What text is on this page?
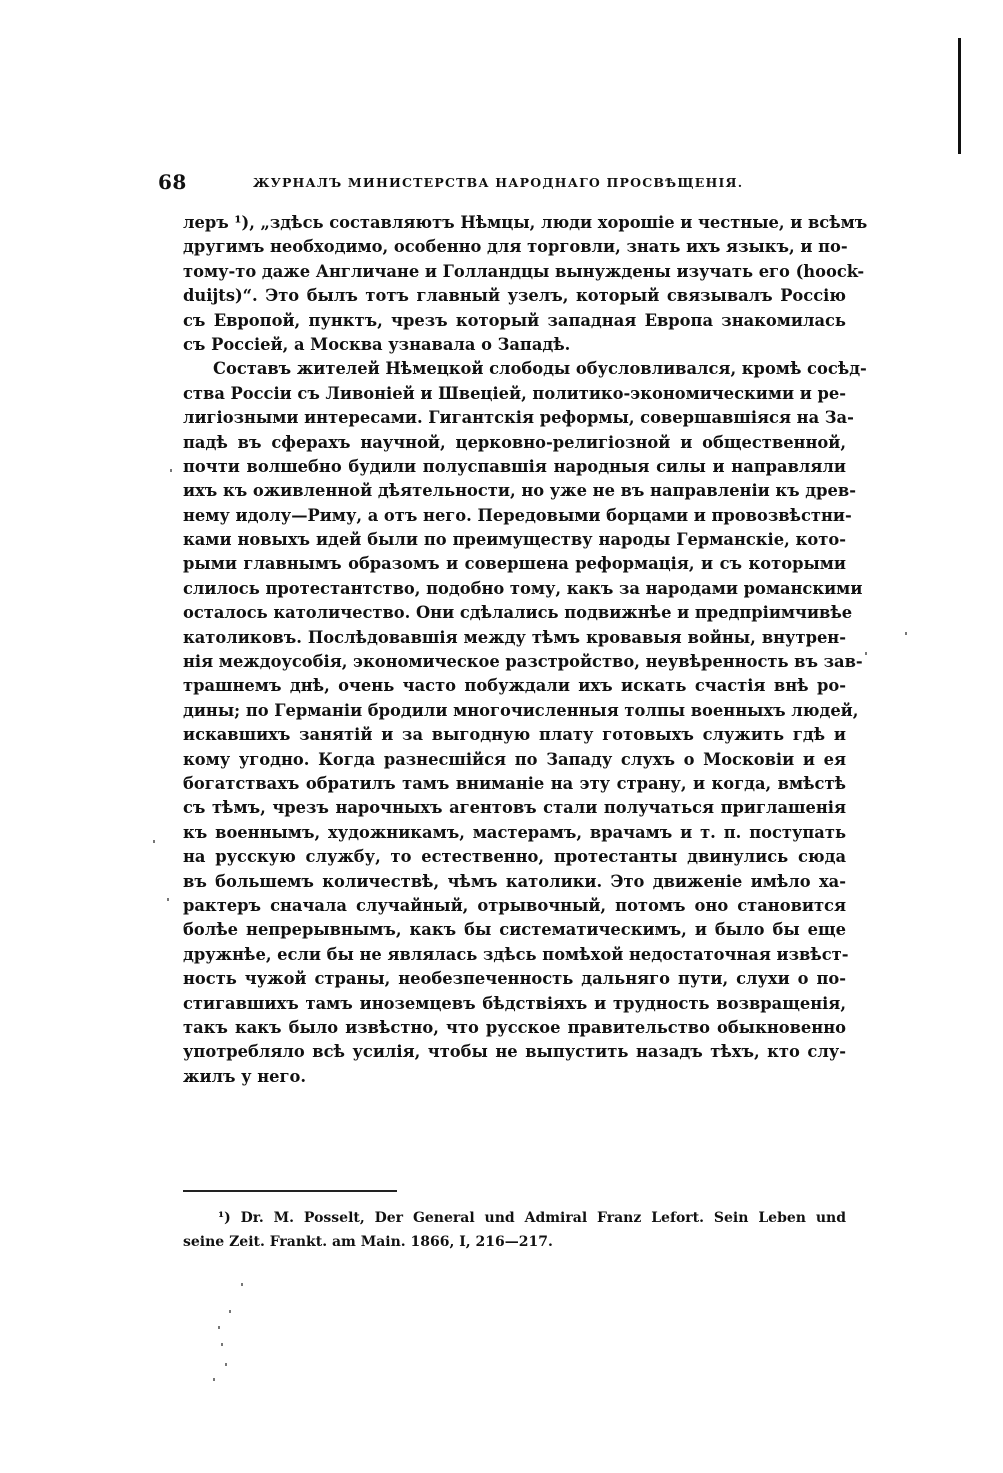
68	ЖУРНАЛЪ МИНИСТЕРСТВА НАРОДНАГО ПРОСВѢЩЕНІЯ.
леръ ¹), „здѣсь составляютъ Нѣмцы, люди хорошіе и честные, и всѣмъ
другимъ необходимо, особенно для торговли, знать ихъ языкъ, и по-
тому-то даже Англичане и Голландцы вынуждены изучать его (hoock-
duijts)“. Это былъ тотъ главный узелъ, который связывалъ Россію
съ Европой, пунктъ, чрезъ который западная Европа знакомилась
съ Россіей, а Москва узнавала о Западѣ.
Составъ жителей Нѣмецкой слободы обусловливался, кромѣ сосѣд-
ства Россіи съ Ливоніей и Швеціей, политико-экономическими и ре-
лигіозными интересами. Гигантскія реформы, совершавшіяся на За-
падѣ въ сферахъ научной, церковно-религіозной и общественной,
почти волшебно будили полуспавшія народныя силы и направляли
ихъ къ оживленной дѣятельности, но уже не въ направленіи къ древ-
нему идолу—Риму, а отъ него. Передовыми борцами и провозвѣстни-
ками новыхъ идей были по преимуществу народы Германскіе, кото-
рыми главнымъ образомъ и совершена реформація, и съ которыми
слилось протестантство, подобно тому, какъ за народами романскими
осталось католичество. Они сдѣлались подвижнѣе и предпріимчивѣе
католиковъ. Послѣдовавшія между тѣмъ кровавыя войны, внутрен-
нія междоусобія, экономическое разстройство, неувѣренность въ зав-
трашнемъ днѣ, очень часто побуждали ихъ искать счастія внѣ ро-
дины; по Германіи бродили многочисленныя толпы военныхъ людей,
искавшихъ занятій и за выгодную плату готовыхъ служить гдѣ и
кому угодно. Когда разнесшійся по Западу слухъ о Московіи и ея
богатствахъ обратилъ тамъ вниманіе на эту страну, и когда, вмѣстѣ
съ тѣмъ, чрезъ нарочныхъ агентовъ стали получаться приглашенія
къ военнымъ, художникамъ, мастерамъ, врачамъ и т. п. поступать
на русскую службу, то естественно, протестанты двинулись сюда
въ большемъ количествѣ, чѣмъ католики. Это движеніе имѣло ха-
рактеръ сначала случайный, отрывочный, потомъ оно становится
болѣе непрерывнымъ, какъ бы систематическимъ, и было бы еще
дружнѣе, если бы не являлась здѣсь помѣхой недостаточная извѣст-
ность чужой страны, необезпеченность дальняго пути, слухи о по-
стигавшихъ тамъ иноземцевъ бѣдствіяхъ и трудность возвращенія,
такъ какъ было извѣстно, что русское правительство обыкновенно
употребляло всѣ усилія, чтобы не выпустить назадъ тѣхъ, кто слу-
жилъ у него.
¹) Dr. M. Posselt, Der General und Admiral Franz Lefort. Sein Leben und
seine Zeit. Frankt. am Main. 1866, I, 216—217.
